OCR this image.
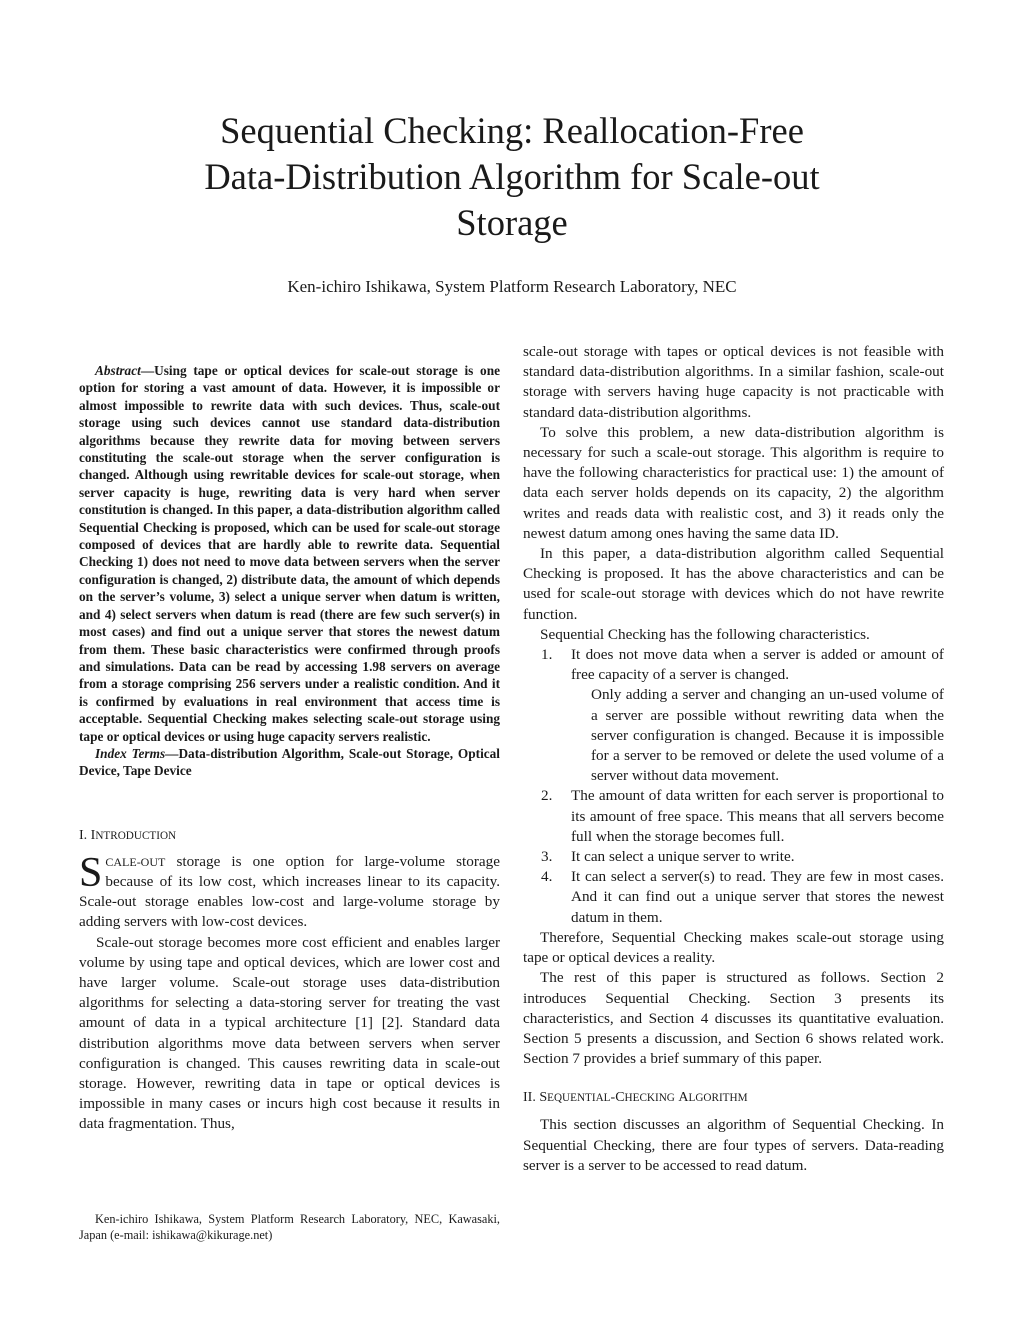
Sequential Checking: Reallocation-Free
Data-Distribution Algorithm for Scale-out
Storage
Ken-ichiro Ishikawa, System Platform Research Laboratory, NEC

Abstract—Using tape or optical devices for scale-out storage is one option for storing a vast amount of data. However, it is impossible or almost impossible to rewrite data with such devices. Thus, scale-out storage using such devices cannot use standard data-distribution algorithms because they rewrite data for moving between servers constituting the scale-out storage when the server configuration is changed. Although using rewritable devices for scale-out storage, when server capacity is huge, rewriting data is very hard when server constitution is changed. In this paper, a data-distribution algorithm called Sequential Checking is proposed, which can be used for scale-out storage composed of devices that are hardly able to rewrite data. Sequential Checking 1) does not need to move data between servers when the server configuration is changed, 2) distribute data, the amount of which depends on the server’s volume, 3) select a unique server when datum is written, and 4) select servers when datum is read (there are few such server(s) in most cases) and find out a unique server that stores the newest datum from them. These basic characteristics were confirmed through proofs and simulations. Data can be read by accessing 1.98 servers on average from a storage comprising 256 servers under a realistic condition. And it is confirmed by evaluations in real environment that access time is acceptable. Sequential Checking makes selecting scale-out storage using tape or optical devices or using huge capacity servers realistic.

Index Terms—Data-distribution Algorithm, Scale-out Storage, Optical Device, Tape Device

I. INTRODUCTION

SCALE-OUT storage is one option for large-volume storage because of its low cost, which increases linear to its capacity. Scale-out storage enables low-cost and large-volume storage by adding servers with low-cost devices.

Scale-out storage becomes more cost efficient and enables larger volume by using tape and optical devices, which are lower cost and have larger volume. Scale-out storage uses data-distribution algorithms for selecting a data-storing server for treating the vast amount of data in a typical architecture [1] [2]. Standard data distribution algorithms move data between servers when server configuration is changed. This causes rewriting data in scale-out storage. However, rewriting data in tape or optical devices is impossible in many cases or incurs high cost because it results in data fragmentation. Thus,

Ken-ichiro Ishikawa, System Platform Research Laboratory, NEC, Kawasaki, Japan (e-mail: ishikawa@kikurage.net)

scale-out storage with tapes or optical devices is not feasible with standard data-distribution algorithms. In a similar fashion, scale-out storage with servers having huge capacity is not practicable with standard data-distribution algorithms.

To solve this problem, a new data-distribution algorithm is necessary for such a scale-out storage. This algorithm is require to have the following characteristics for practical use: 1) the amount of data each server holds depends on its capacity, 2) the algorithm writes and reads data with realistic cost, and 3) it reads only the newest datum among ones having the same data ID.

In this paper, a data-distribution algorithm called Sequential Checking is proposed. It has the above characteristics and can be used for scale-out storage with devices which do not have rewrite function.

Sequential Checking has the following characteristics.

1. It does not move data when a server is added or amount of free capacity of a server is changed.

Only adding a server and changing an un-used volume of a server are possible without rewriting data when the server configuration is changed. Because it is impossible for a server to be removed or delete the used volume of a server without data movement.

2. The amount of data written for each server is proportional to its amount of free space. This means that all servers become full when the storage becomes full.
3. It can select a unique server to write.
4. It can select a server(s) to read. They are few in most cases. And it can find out a unique server that stores the newest datum in them.

Therefore, Sequential Checking makes scale-out storage using tape or optical devices a reality.

The rest of this paper is structured as follows. Section 2 introduces Sequential Checking. Section 3 presents its characteristics, and Section 4 discusses its quantitative evaluation. Section 5 presents a discussion, and Section 6 shows related work. Section 7 provides a brief summary of this paper.

II. SEQUENTIAL-CHECKING ALGORITHM

This section discusses an algorithm of Sequential Checking. In Sequential Checking, there are four types of servers. Data-reading server is a server to be accessed to read datum.
